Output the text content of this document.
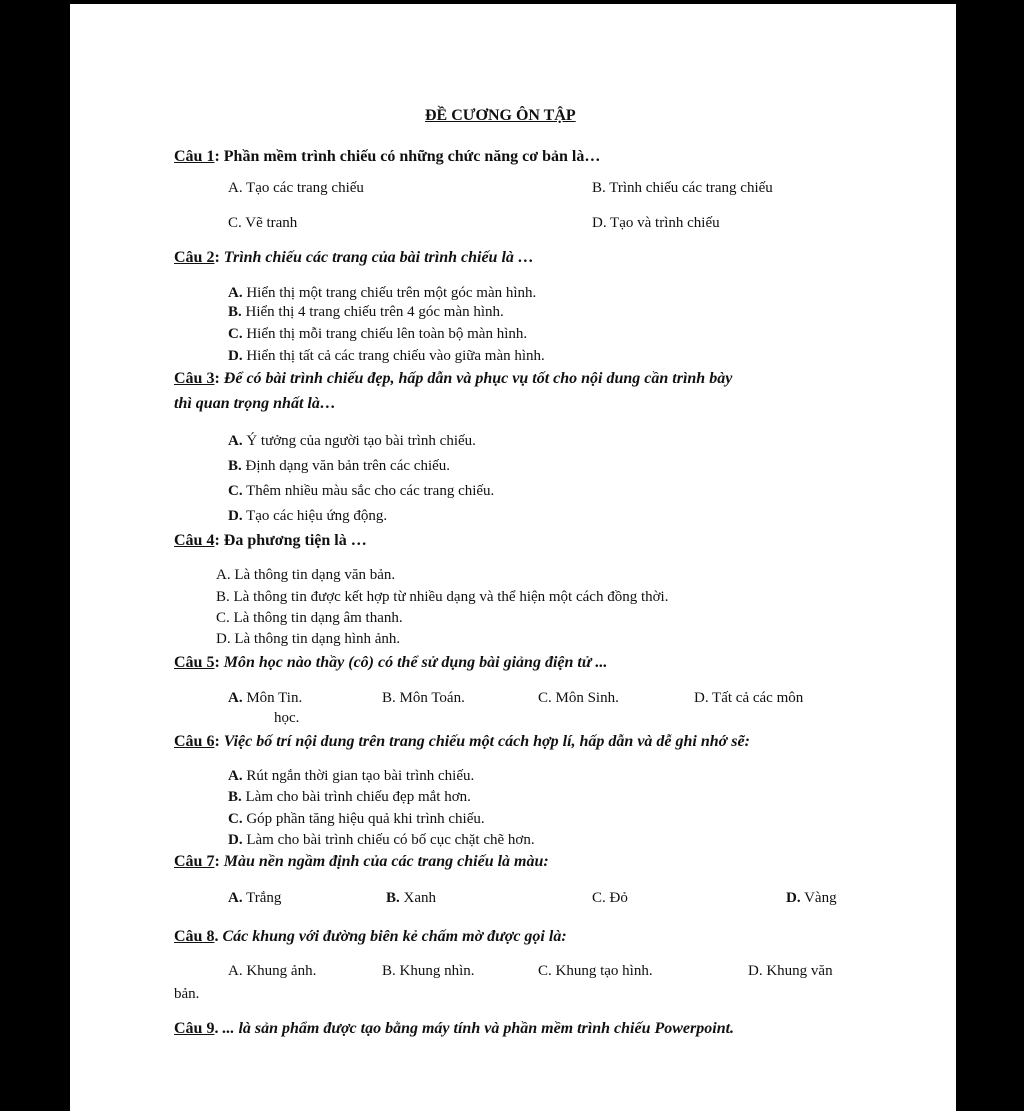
ĐỀ CƯƠNG ÔN TẬP
Câu 1: Phần mềm trình chiếu có những chức năng cơ bản là…
A. Tạo các trang chiếu	B. Trình chiếu các trang chiếu
C. Vẽ tranh	D. Tạo và trình chiếu
Câu 2: Trình chiếu các trang của bài trình chiếu là …
A. Hiển thị một trang chiếu trên một góc màn hình.
B. Hiển thị 4 trang chiếu trên 4 góc màn hình.
C. Hiển thị mỗi trang chiếu lên toàn bộ màn hình.
D. Hiển thị tất cả các trang chiếu vào giữa màn hình.
Câu 3: Để có bài trình chiếu đẹp, hấp dẫn và phục vụ tốt cho nội dung cần trình bày
thì quan trọng nhất là…
A. Ý tưởng của người tạo bài trình chiếu.
B. Định dạng văn bản trên các chiếu.
C. Thêm nhiều màu sắc cho các trang chiếu.
D. Tạo các hiệu ứng động.
Câu 4: Đa phương tiện là …
A. Là thông tin dạng văn bản.
B. Là thông tin được kết hợp từ nhiều dạng và thể hiện một cách đồng thời.
C. Là thông tin dạng âm thanh.
D. Là thông tin dạng hình ảnh.
Câu 5: Môn học nào thầy (cô) có thể sử dụng bài giảng điện tử ...
A. Môn Tin.	B. Môn Toán.	C. Môn Sinh.	D. Tất cả các môn
học.
Câu 6: Việc bố trí nội dung trên trang chiếu một cách hợp lí, hấp dẫn và dễ ghi nhớ sẽ:
A. Rút ngắn thời gian tạo bài trình chiếu.
B. Làm cho bài trình chiếu đẹp mắt hơn.
C. Góp phần tăng hiệu quả khi trình chiếu.
D. Làm cho bài trình chiếu có bố cục chặt chẽ hơn.
Câu 7: Màu nền ngầm định của các trang chiếu là màu:
A. Trắng	B. Xanh	C. Đỏ	D. Vàng
Câu 8. Các khung với đường biên kẻ chấm mờ được gọi là:
A. Khung ảnh.	B. Khung nhìn.	C. Khung tạo hình.	D. Khung văn
bản.
Câu 9. ... là sản phẩm được tạo bằng máy tính và phần mềm trình chiếu Powerpoint.
